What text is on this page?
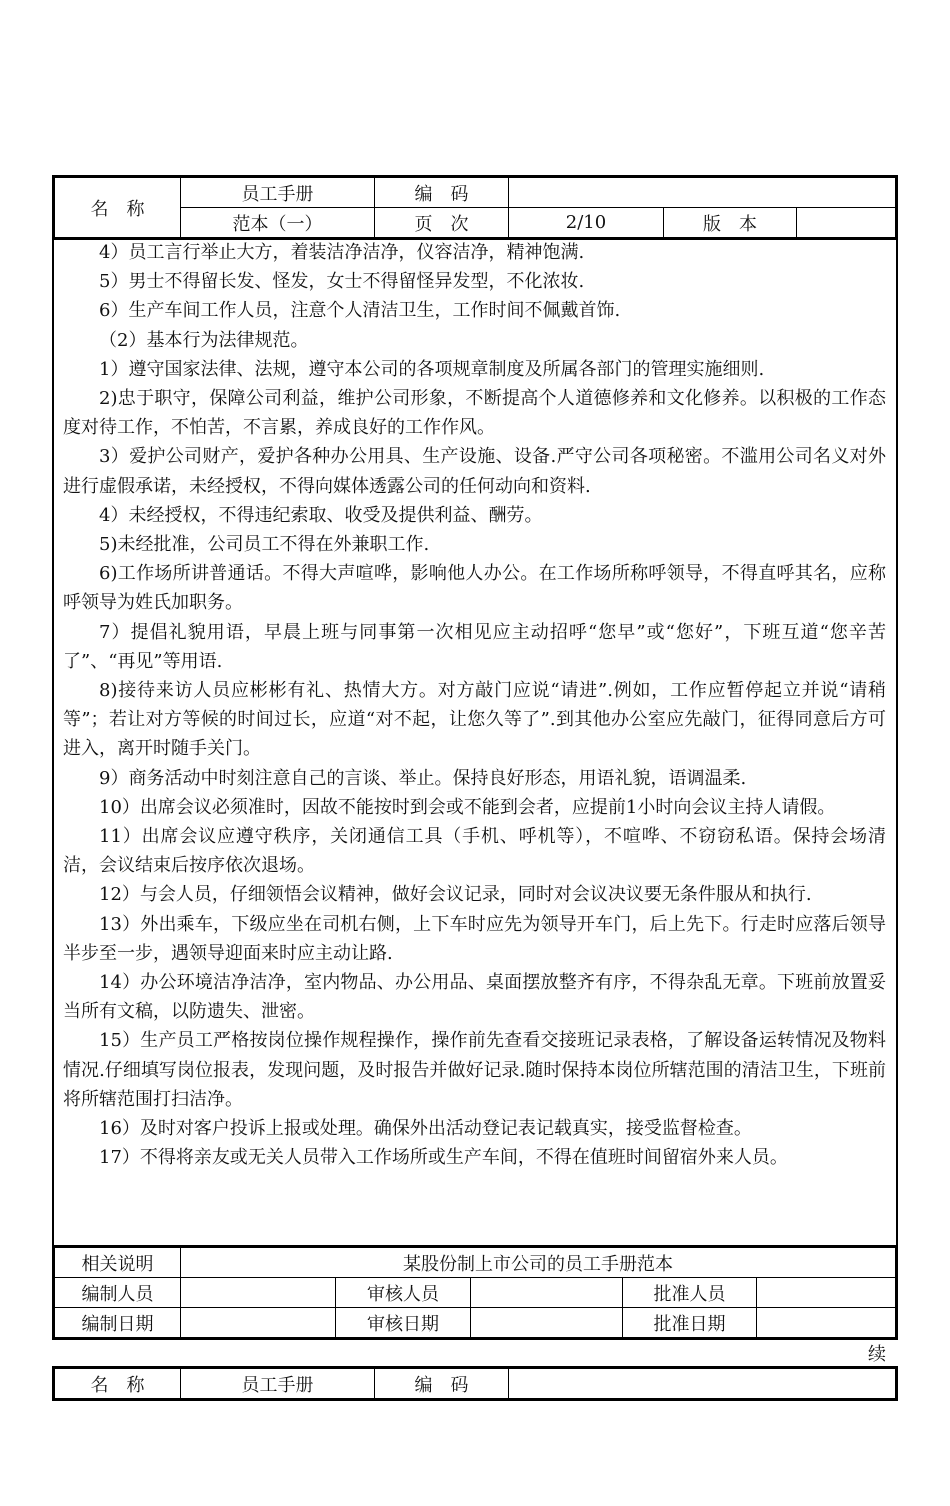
名　称	员工手册	编　码			
	范本（一）	页　次	2/10	版　本	

4）员工言行举止大方，着装洁净洁净，仪容洁净，精神饱满.

5）男士不得留长发、怪发，女士不得留怪异发型，不化浓妆.

6）生产车间工作人员，注意个人清洁卫生，工作时间不佩戴首饰.

（2）基本行为法律规范。

1）遵守国家法律、法规，遵守本公司的各项规章制度及所属各部门的管理实施细则.

2)忠于职守，保障公司利益，维护公司形象，不断提高个人道德修养和文化修养。以积极的工作态度对待工作，不怕苦，不言累，养成良好的工作作风。

3）爱护公司财产，爱护各种办公用具、生产设施、设备.严守公司各项秘密。不滥用公司名义对外进行虚假承诺，未经授权，不得向媒体透露公司的任何动向和资料.

4）未经授权，不得违纪索取、收受及提供利益、酬劳。

5)未经批准，公司员工不得在外兼职工作.

6)工作场所讲普通话。不得大声喧哗，影响他人办公。在工作场所称呼领导，不得直呼其名，应称呼领导为姓氏加职务。

7）提倡礼貌用语，早晨上班与同事第一次相见应主动招呼“您早”或“您好”，下班互道“您辛苦了”、“再见”等用语.

8)接待来访人员应彬彬有礼、热情大方。对方敲门应说“请进”.例如，工作应暂停起立并说“请稍等”；若让对方等候的时间过长，应道“对不起，让您久等了”.到其他办公室应先敲门，征得同意后方可进入，离开时随手关门。

9）商务活动中时刻注意自己的言谈、举止。保持良好形态，用语礼貌，语调温柔.

10）出席会议必须准时，因故不能按时到会或不能到会者，应提前1小时向会议主持人请假。

11）出席会议应遵守秩序，关闭通信工具（手机、呼机等），不喧哗、不窃窃私语。保持会场清洁，会议结束后按序依次退场。

12）与会人员，仔细领悟会议精神，做好会议记录，同时对会议决议要无条件服从和执行.

13）外出乘车，下级应坐在司机右侧，上下车时应先为领导开车门，后上先下。行走时应落后领导半步至一步，遇领导迎面来时应主动让路.

14）办公环境洁净洁净，室内物品、办公用品、桌面摆放整齐有序，不得杂乱无章。下班前放置妥当所有文稿，以防遗失、泄密。

15）生产员工严格按岗位操作规程操作，操作前先查看交接班记录表格，了解设备运转情况及物料情况.仔细填写岗位报表，发现问题，及时报告并做好记录.随时保持本岗位所辖范围的清洁卫生，下班前将所辖范围打扫洁净。

16）及时对客户投诉上报或处理。确保外出活动登记表记载真实，接受监督检查。

17）不得将亲友或无关人员带入工作场所或生产车间，不得在值班时间留宿外来人员。

相关说明	某股份制上市公司的员工手册范本				
编制人员		审核人员		批准人员	
编制日期		审核日期		批准日期	
续
名　称	员工手册	编　码	
